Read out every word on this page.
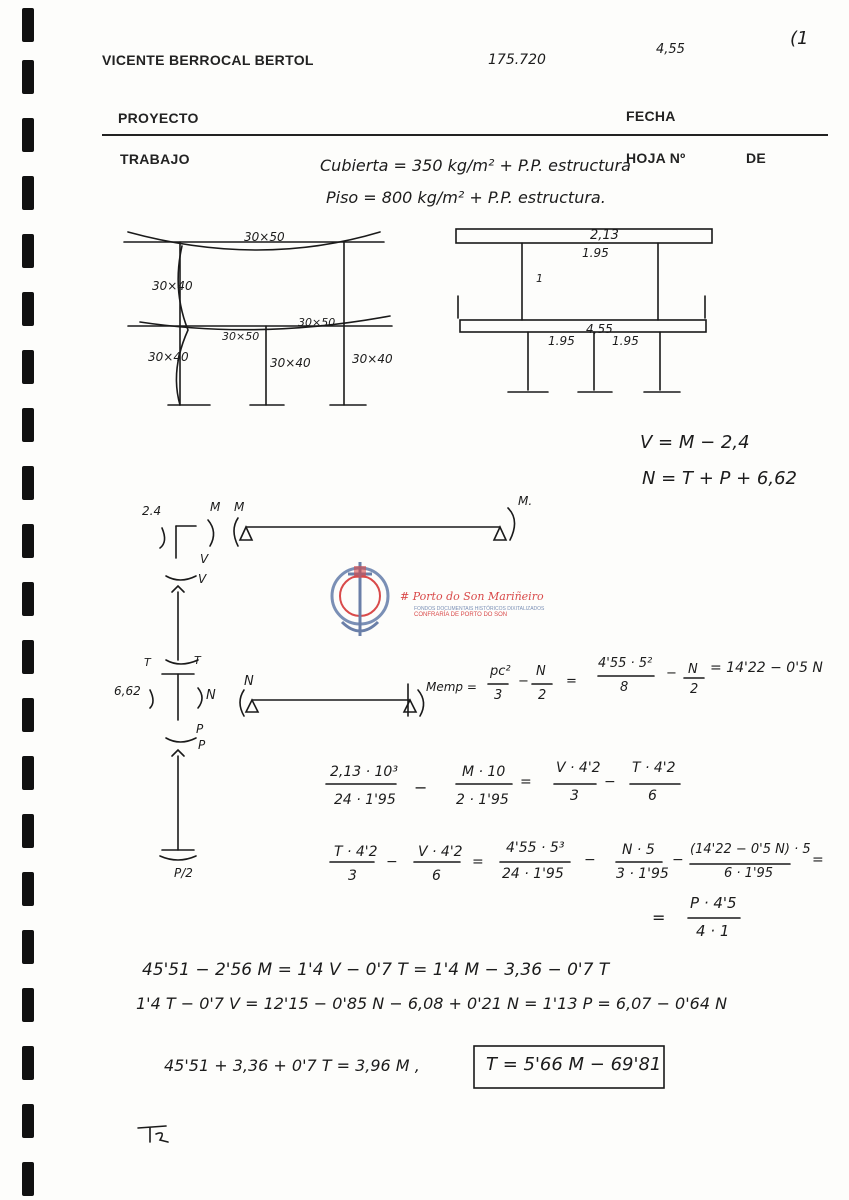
VICENTE BERROCAL BERTOL
PROYECTO	FECHA
TRABAJO	HOJA Nº	DE
175.720
4,55
(1
Cubierta = 350 kg/m² + P.P. estructura
Piso = 800 kg/m² + P.P. estructura.
30×50
30×40
30×50
30×50
30×40	30×40	30×40
2,13
1.95
4,55
1.95	1.95
1
V = M − 2,4
N = T + P + 6,62
2.4	M M	M.
V
V
T	T
6,62	N
N
P
P
P/2
Memp =
pc²
3
−
N
2
=
4'55 · 5²
8
− N
2
= 14'22 − 0'5 N
2,13 · 10³
24 · 1'95
−
M · 10
2 · 1'95
=
V · 4'2
3
−
T · 4'2
6
T · 4'2
3
−
V · 4'2
6
=
4'55 · 5³
24 · 1'95
−
N · 5
3 · 1'95
−
(14'22 − 0'5 N) · 5
6 · 1'95
=
=
P · 4'5
4 · 1
45'51 − 2'56 M = 1'4 V − 0'7 T = 1'4 M − 3,36 − 0'7 T
1'4 T − 0'7 V = 12'15 − 0'85 N − 6,08 + 0'21 N = 1'13 P = 6,07 − 0'64 N
45'51 + 3,36 + 0'7 T = 3,96 M ,	T = 5'66 M − 69'81
# Porto do Son Mariñeiro
FONDOS DOCUMENTAIS HISTÓRICOS DIXITALIZADOS
CONFRARÍA DE PORTO DO SON
